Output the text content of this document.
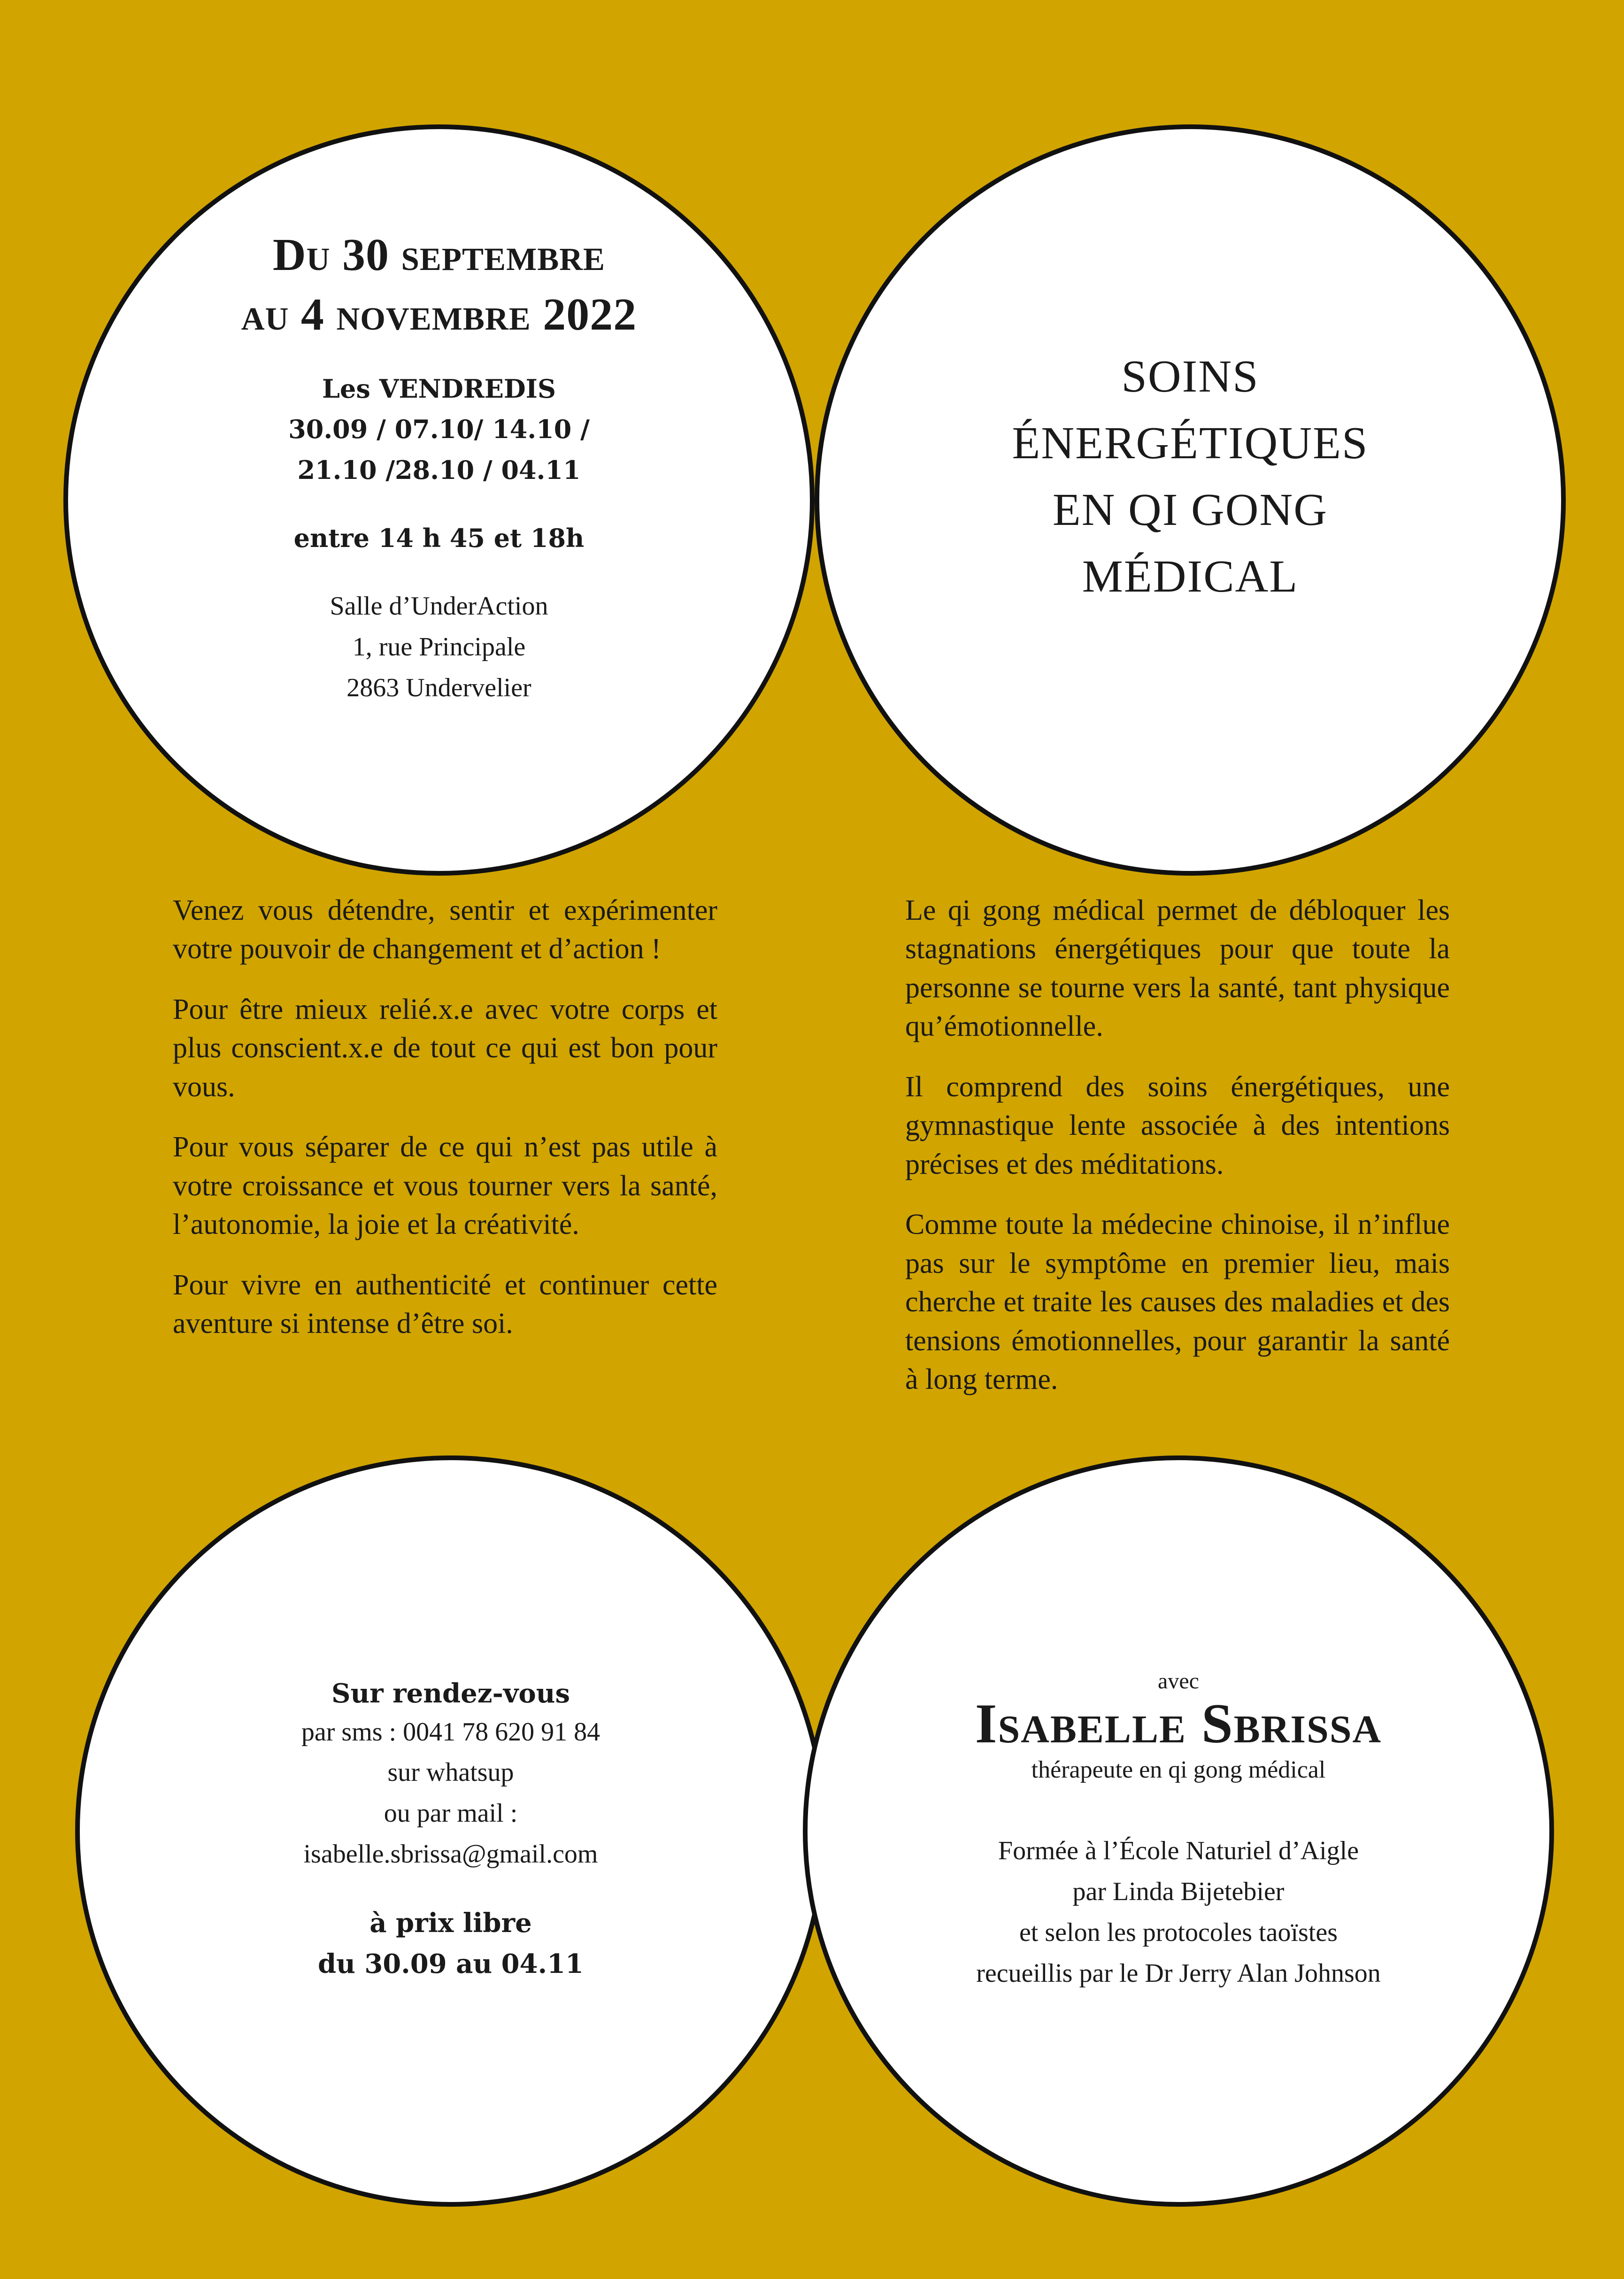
Du 30 septembre
au 4 novembre 2022
Les VENDREDIS
30.09 / 07.10/ 14.10 /
21.10 /28.10 / 04.11
entre 14 h 45 et 18h
Salle d’UnderAction
1, rue Principale
2863 Undervelier
SOINS
ÉNERGÉTIQUES
EN QI GONG
MÉDICAL

Venez vous détendre, sentir et expérimenter votre pouvoir de changement et d’action !

Pour être mieux relié.x.e avec votre corps et plus conscient.x.e de tout ce qui est bon pour vous.

Pour vous séparer de ce qui n’est pas utile à votre croissance et vous tourner vers la santé, l’autonomie, la joie et la créativité.

Pour vivre en authenticité et continuer cette aventure si intense d’être soi.

Le qi gong médical permet de débloquer les stagnations énergétiques pour que toute la personne se tourne vers la santé, tant physique qu’émotionnelle.

Il comprend des soins énergétiques, une gymnastique lente associée à des intentions précises et des méditations.

Comme toute la médecine chinoise, il n’influe pas sur le symptôme en premier lieu, mais cherche et traite les causes des maladies et des tensions émotionnelles, pour garantir la santé à long terme.

Sur rendez-vous
par sms : 0041 78 620 91 84
sur whatsup
ou par mail :
isabelle.sbrissa@gmail.com
à prix libre
du 30.09 au 04.11
avec
Isabelle Sbrissa
thérapeute en qi gong médical
Formée à l’École Naturiel d’Aigle
par Linda Bijetebier
et selon les protocoles taoïstes
recueillis par le Dr Jerry Alan Johnson
